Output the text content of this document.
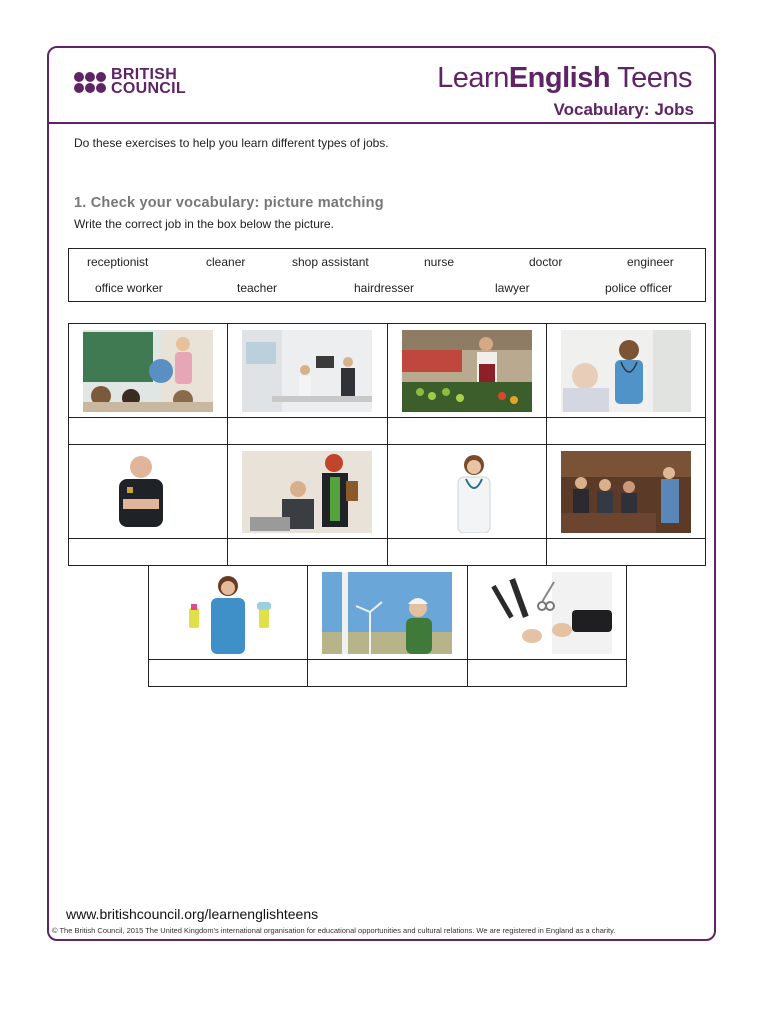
BRITISH
COUNCIL	LearnEnglish Teens
Vocabulary: Jobs
Do these exercises to help you learn different types of jobs.
1. Check your vocabulary: picture matching
Write the correct job in the box below the picture.
receptionist	cleaner	shop assistant	nurse	doctor	engineer
office worker	teacher	hairdresser	lawyer	police officer

www.britishcouncil.org/learnenglishteens
© The British Council, 2015 The United Kingdom's international organisation for educational opportunities and cultural relations. We are registered in England as a charity.
